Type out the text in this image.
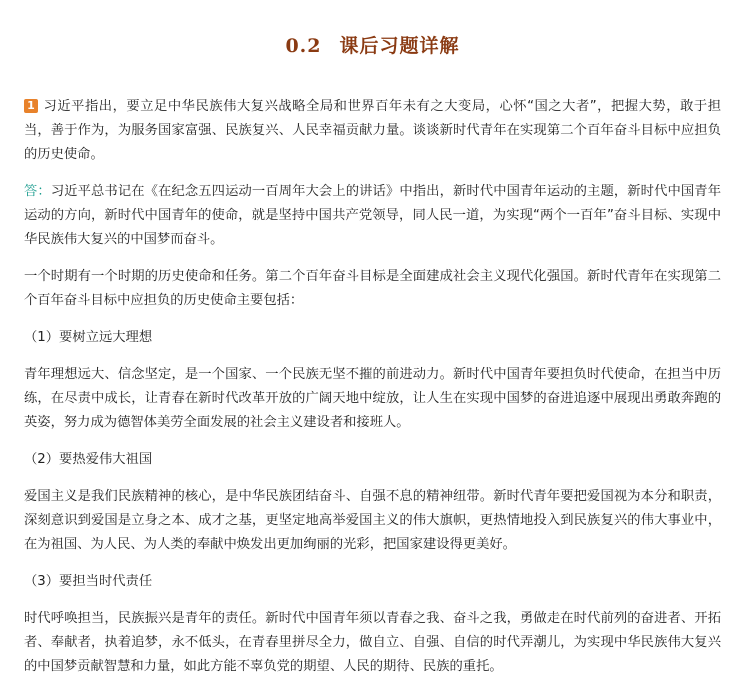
0.2 课后习题详解

1 习近平指出，要立足中华民族伟大复兴战略全局和世界百年未有之大变局，心怀“国之大者”，把握大势，敢于担当，善于作为，为服务国家富强、民族复兴、人民幸福贡献力量。谈谈新时代青年在实现第二个百年奋斗目标中应担负的历史使命。

答：习近平总书记在《在纪念五四运动一百周年大会上的讲话》中指出，新时代中国青年运动的主题，新时代中国青年运动的方向，新时代中国青年的使命，就是坚持中国共产党领导，同人民一道，为实现“两个一百年”奋斗目标、实现中华民族伟大复兴的中国梦而奋斗。

一个时期有一个时期的历史使命和任务。第二个百年奋斗目标是全面建成社会主义现代化强国。新时代青年在实现第二个百年奋斗目标中应担负的历史使命主要包括：

（1）要树立远大理想

青年理想远大、信念坚定，是一个国家、一个民族无坚不摧的前进动力。新时代中国青年要担负时代使命，在担当中历练，在尽责中成长，让青春在新时代改革开放的广阔天地中绽放，让人生在实现中国梦的奋进追逐中展现出勇敢奔跑的英姿，努力成为德智体美劳全面发展的社会主义建设者和接班人。

（2）要热爱伟大祖国

爱国主义是我们民族精神的核心，是中华民族团结奋斗、自强不息的精神纽带。新时代青年要把爱国视为本分和职责，深刻意识到爱国是立身之本、成才之基，更坚定地高举爱国主义的伟大旗帜，更热情地投入到民族复兴的伟大事业中，在为祖国、为人民、为人类的奉献中焕发出更加绚丽的光彩，把国家建设得更美好。

（3）要担当时代责任

时代呼唤担当，民族振兴是青年的责任。新时代中国青年须以青春之我、奋斗之我，勇做走在时代前列的奋进者、开拓者、奉献者，执着追梦，永不低头，在青春里拼尽全力，做自立、自强、自信的时代弄潮儿，为实现中华民族伟大复兴的中国梦贡献智慧和力量，如此方能不辜负党的期望、人民的期待、民族的重托。
